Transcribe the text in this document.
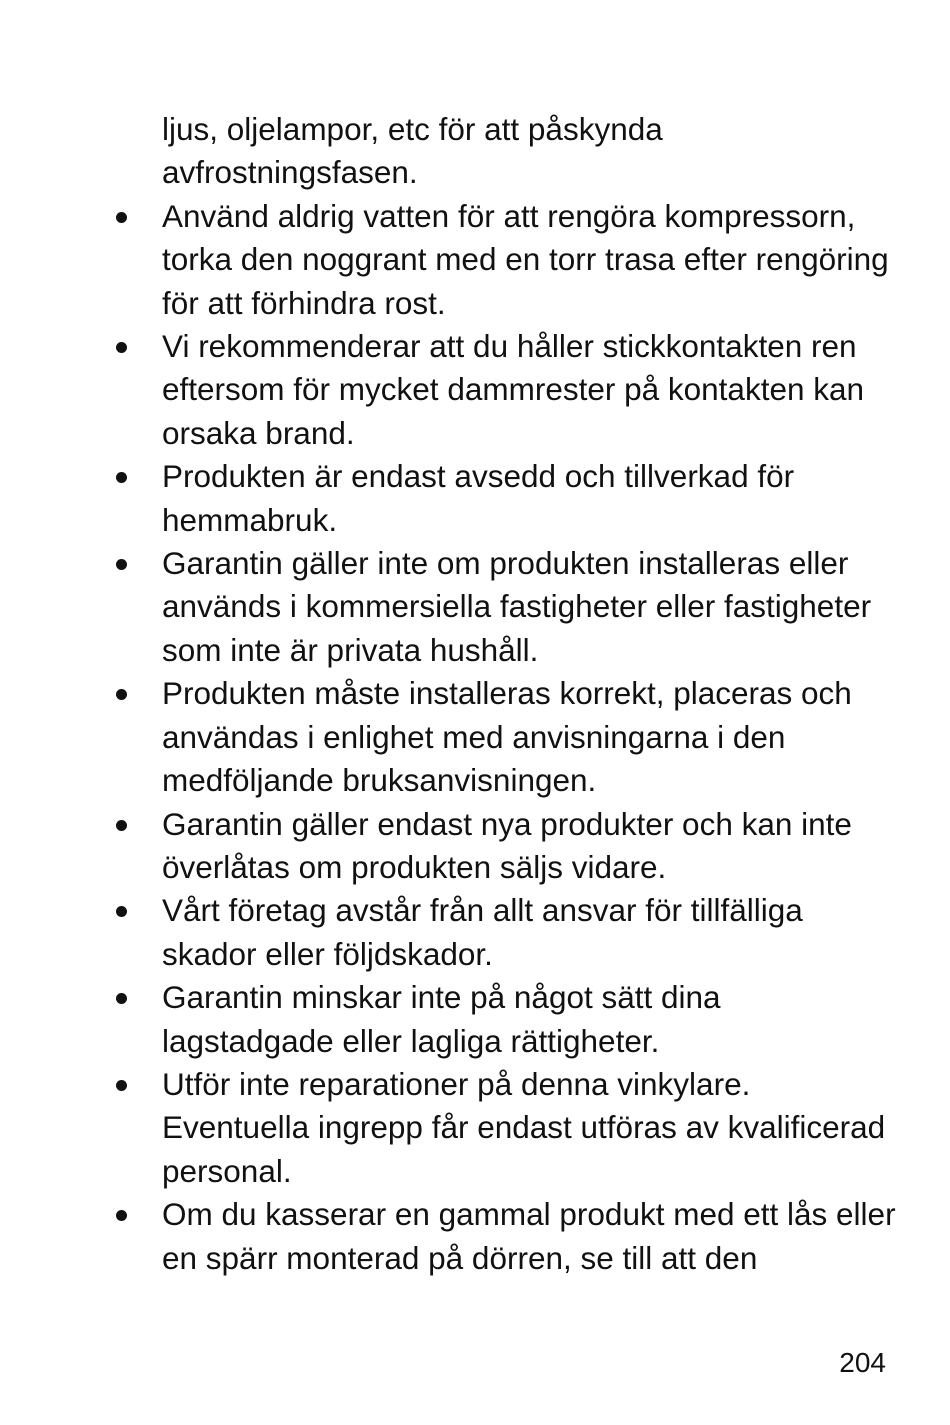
ljus, oljelampor, etc för att påskynda avfrostningsfasen.

Använd aldrig vatten för att rengöra kompressorn, torka den noggrant med en torr trasa efter rengöring för att förhindra rost.
Vi rekommenderar att du håller stickkontakten ren eftersom för mycket dammrester på kontakten kan orsaka brand.
Produkten är endast avsedd och tillverkad för hemmabruk.
Garantin gäller inte om produkten installeras eller används i kommersiella fastigheter eller fastigheter som inte är privata hushåll.
Produkten måste installeras korrekt, placeras och användas i enlighet med anvisningarna i den medföljande bruksanvisningen.
Garantin gäller endast nya produkter och kan inte överlåtas om produkten säljs vidare.
Vårt företag avstår från allt ansvar för tillfälliga skador eller följdskador.
Garantin minskar inte på något sätt dina lagstadgade eller lagliga rättigheter.
Utför inte reparationer på denna vinkylare. Eventuella ingrepp får endast utföras av kvalificerad personal.
Om du kasserar en gammal produkt med ett lås eller en spärr monterad på dörren, se till att den
204
